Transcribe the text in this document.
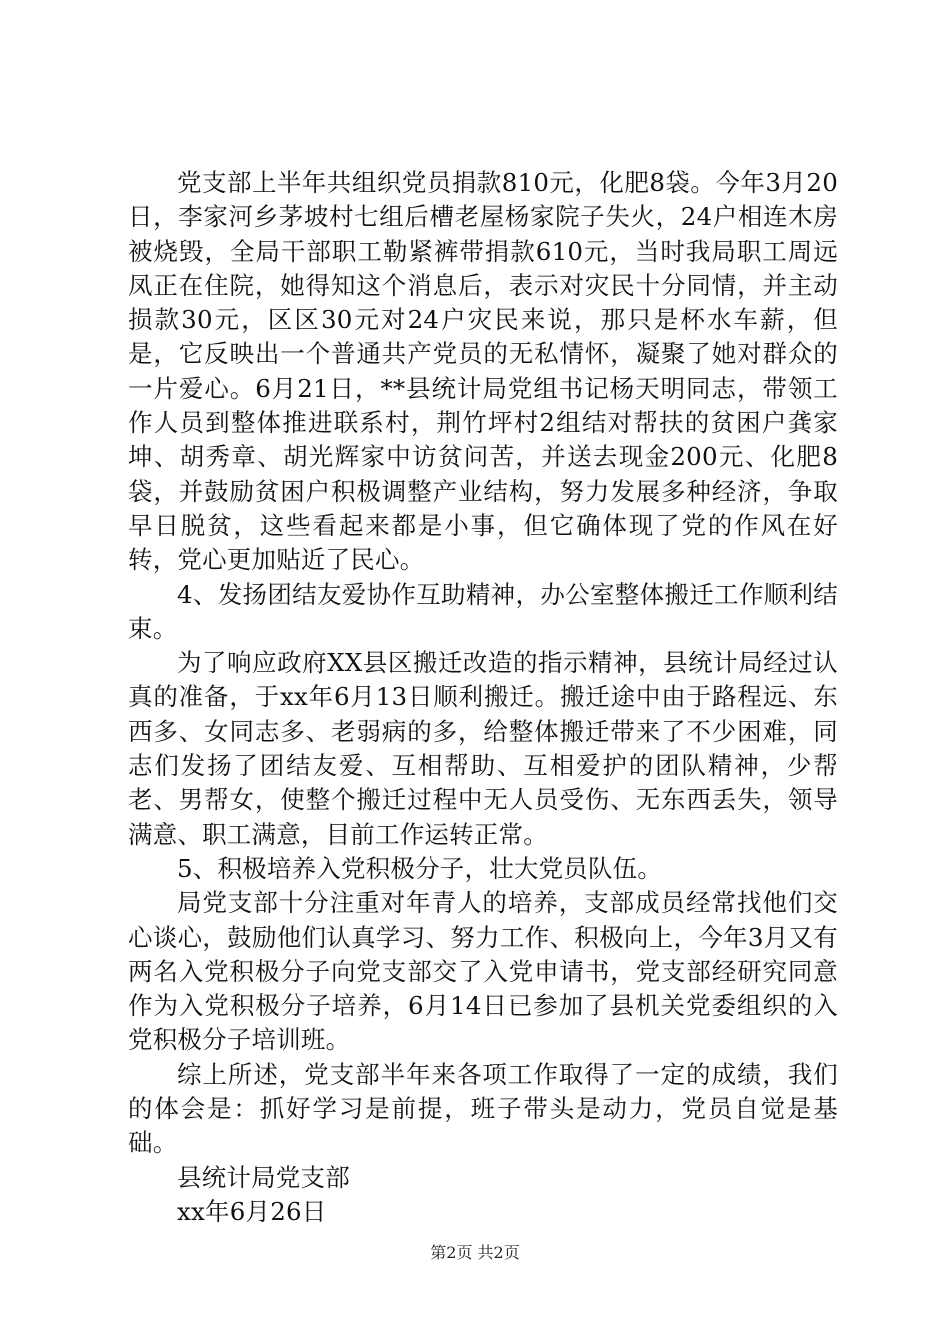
党支部上半年共组织党员捐款810元，化肥8袋。今年3月20日，李家河乡茅坡村七组后槽老屋杨家院子失火，24户相连木房被烧毁，全局干部职工勒紧裤带捐款610元，当时我局职工周远凤正在住院，她得知这个消息后，表示对灾民十分同情，并主动损款30元，区区30元对24户灾民来说，那只是杯水车薪，但是，它反映出一个普通共产党员的无私情怀，凝聚了她对群众的一片爱心。6月21日，**县统计局党组书记杨天明同志，带领工作人员到整体推进联系村，荆竹坪村2组结对帮扶的贫困户龚家坤、胡秀章、胡光辉家中访贫问苦，并送去现金200元、化肥8袋，并鼓励贫困户积极调整产业结构，努力发展多种经济，争取早日脱贫，这些看起来都是小事，但它确体现了党的作风在好转，党心更加贴近了民心。

4、发扬团结友爱协作互助精神，办公室整体搬迁工作顺利结束。

为了响应政府XX县区搬迁改造的指示精神，县统计局经过认真的准备，于xx年6月13日顺利搬迁。搬迁途中由于路程远、东西多、女同志多、老弱病的多，给整体搬迁带来了不少困难，同志们发扬了团结友爱、互相帮助、互相爱护的团队精神，少帮老、男帮女，使整个搬迁过程中无人员受伤、无东西丢失，领导满意、职工满意，目前工作运转正常。

5、积极培养入党积极分子，壮大党员队伍。

局党支部十分注重对年青人的培养，支部成员经常找他们交心谈心，鼓励他们认真学习、努力工作、积极向上，今年3月又有两名入党积极分子向党支部交了入党申请书，党支部经研究同意作为入党积极分子培养，6月14日已参加了县机关党委组织的入党积极分子培训班。

综上所述，党支部半年来各项工作取得了一定的成绩，我们的体会是：抓好学习是前提，班子带头是动力，党员自觉是基础。

县统计局党支部

xx年6月26日

第2页 共2页
